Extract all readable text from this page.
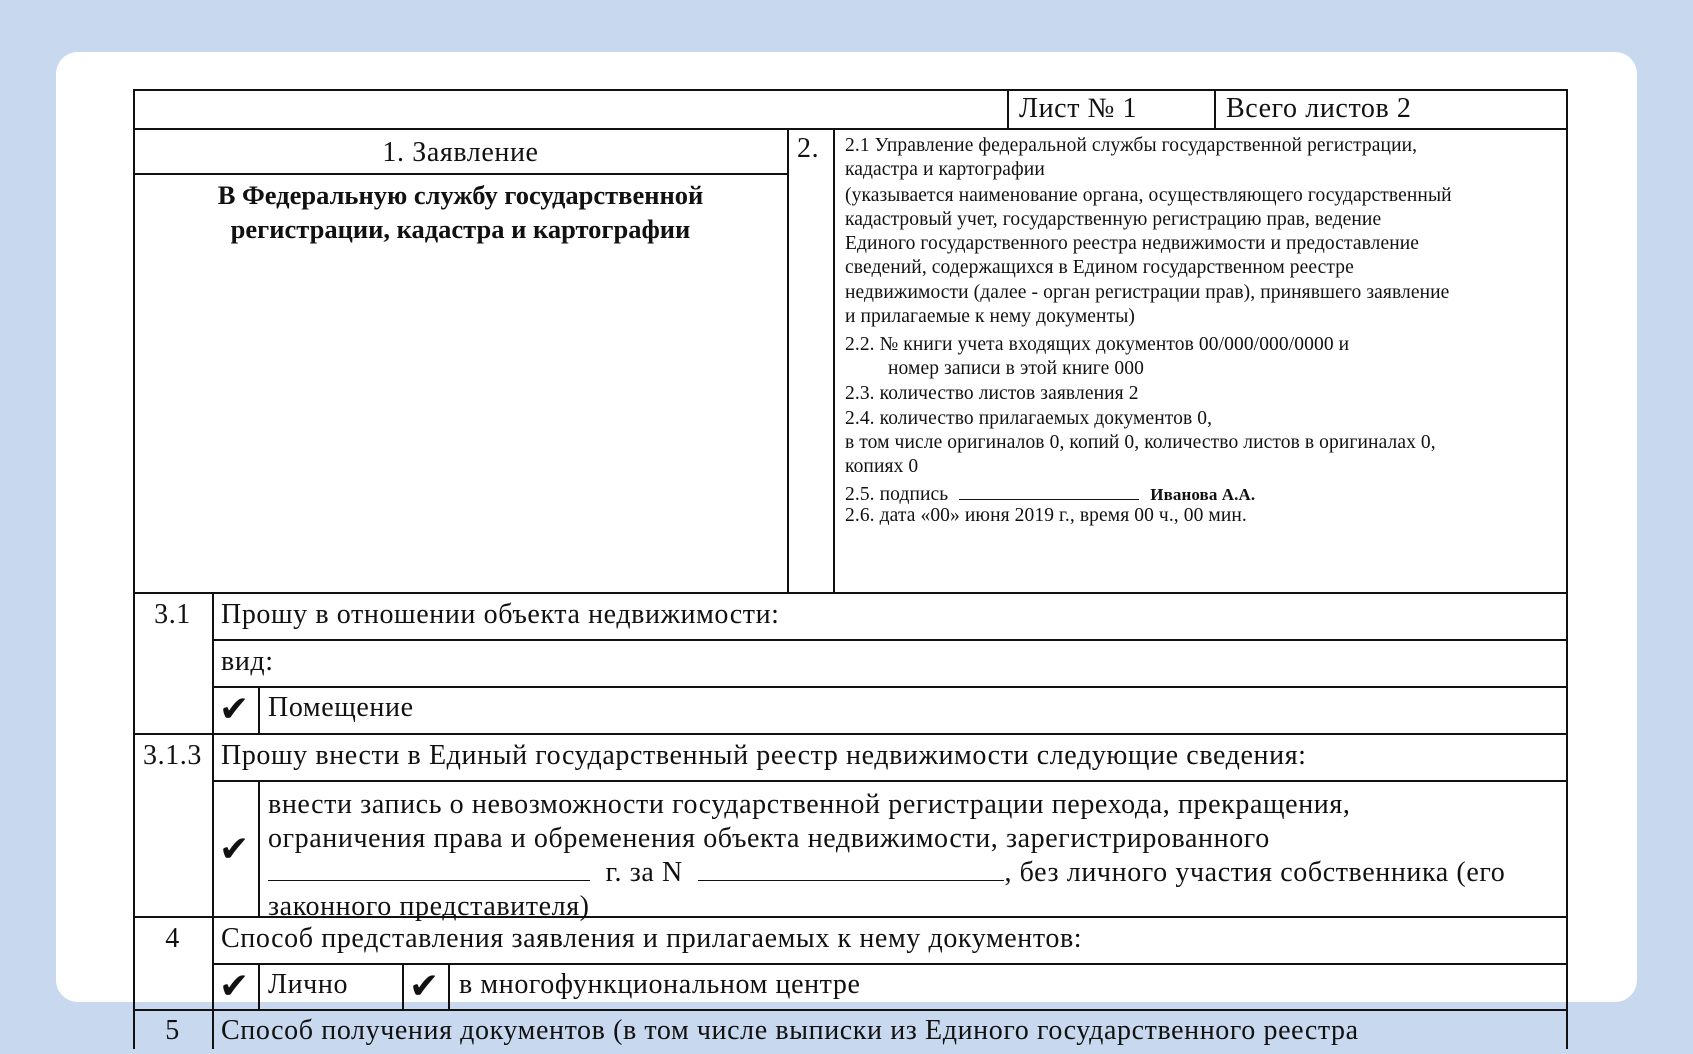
Лист № 1	Всего листов 2
1. Заявление
В Федеральную службу государственной
регистрации, кадастра и картографии
2. 2.1 Управление федеральной службы государственной регистрации,
кадастра и картографии
(указывается наименование органа, осуществляющего государственный
кадастровый учет, государственную регистрацию прав, ведение
Единого государственного реестра недвижимости и предоставление
сведений, содержащихся в Едином государственном реестре
недвижимости (далее - орган регистрации прав), принявшего заявление
и прилагаемые к нему документы)
2.2. № книги учета входящих документов 00/000/000/0000 и
номер записи в этой книге 000
2.3. количество листов заявления 2
2.4. количество прилагаемых документов 0,
в том числе оригиналов 0, копий 0, количество листов в оригиналах 0,
копиях 0
2.5. подпись	Иванова А.А.
2.6. дата «00» июня 2019 г., время 00 ч., 00 мин.
3.1	Прошу в отношении объекта недвижимости:
вид:
✔ Помещение
3.1.3 Прошу внести в Единый государственный реестр недвижимости следующие сведения:
✔
внести запись о невозможности государственной регистрации перехода, прекращения,
ограничения права и обременения объекта недвижимости, зарегистрированного
г. за N	, без личного участия собственника (его
законного представителя)
4	Способ представления заявления и прилагаемых к нему документов:
✔ Лично ✔ в многофункциональном центре
5	Способ получения документов (в том числе выписки из Единого государственного реестра
